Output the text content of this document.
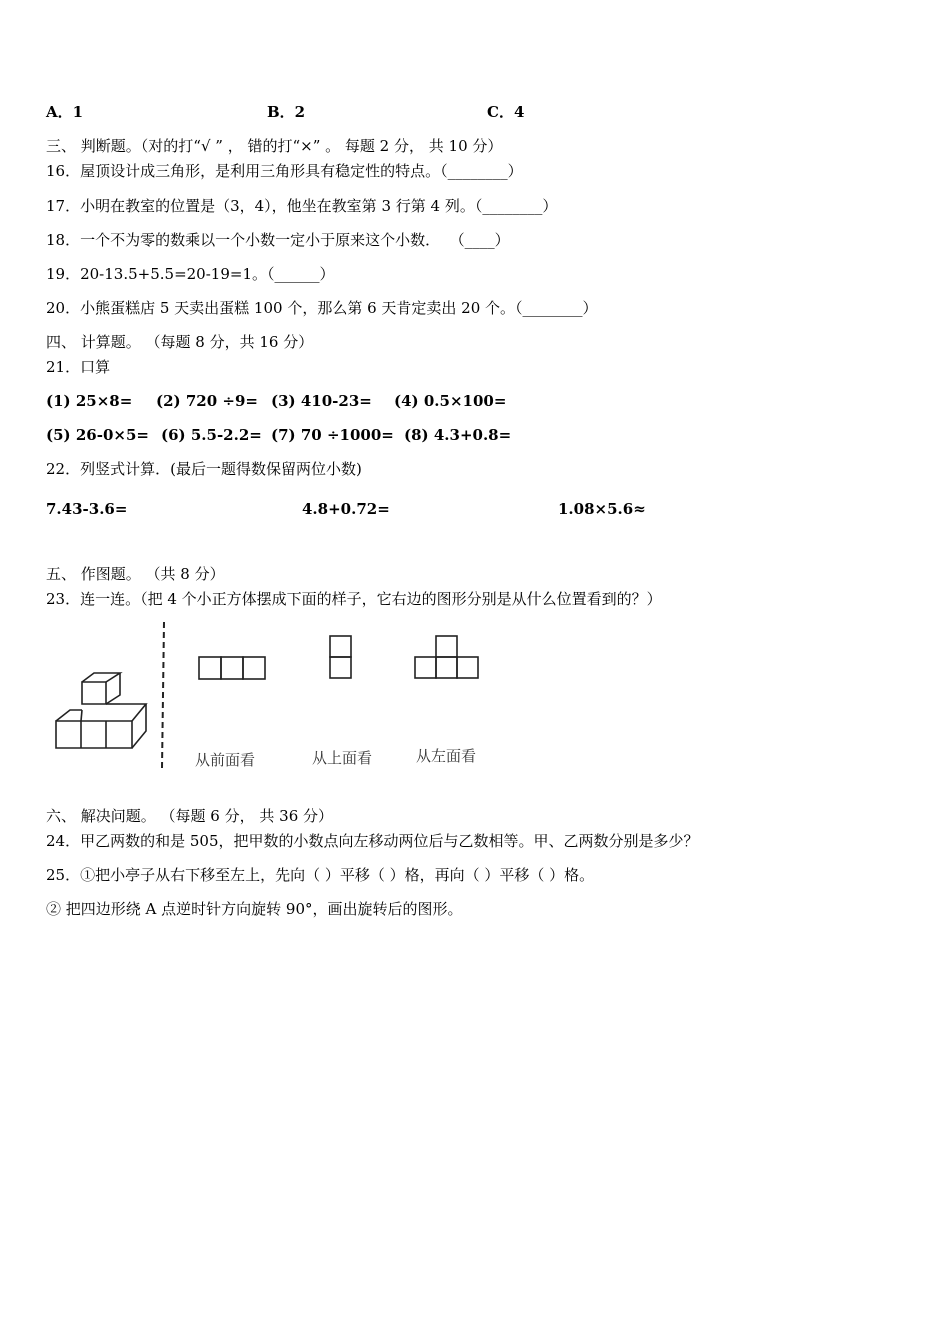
A．1	B．2	C．4
三、 判断题。（对的打“√ ” ， 错的打“×” 。 每题 2 分， 共 10 分）
16．屋顶设计成三角形，是利用三角形具有稳定性的特点。（________）
17．小明在教室的位置是（3，4），他坐在教室第 3 行第 4 列。（________）
18．一个不为零的数乘以一个小数一定小于原来这个小数．  （____）
19．20-13.5+5.5=20-19=1。（______）
20．小熊蛋糕店 5 天卖出蛋糕 100 个，那么第 6 天肯定卖出 20 个。（________）
四、 计算题。 （每题 8 分，共 16 分）
21．口算
(1) 25×8= (2) 720 ÷9= (3) 410-23= (4) 0.5×100=
(5) 26-0×5= (6) 5.5-2.2= (7) 70 ÷1000= (8) 4.3+0.8=
22．列竖式计算．(最后一题得数保留两位小数)
7.43-3.6=	4.8+0.72=	1.08×5.6≈
五、 作图题。 （共 8 分）
23．连一连。（把 4 个小正方体摆成下面的样子，它右边的图形分别是从什么位置看到的？）
从前面看	从上面看	从左面看
六、 解决问题。 （每题 6 分， 共 36 分）
24．甲乙两数的和是 505，把甲数的小数点向左移动两位后与乙数相等。甲、乙两数分别是多少？
25．①把小亭子从右下移至左上，先向（ ）平移（ ）格，再向（ ）平移（ ）格。
② 把四边形绕 A 点逆时针方向旋转 90°，画出旋转后的图形。
